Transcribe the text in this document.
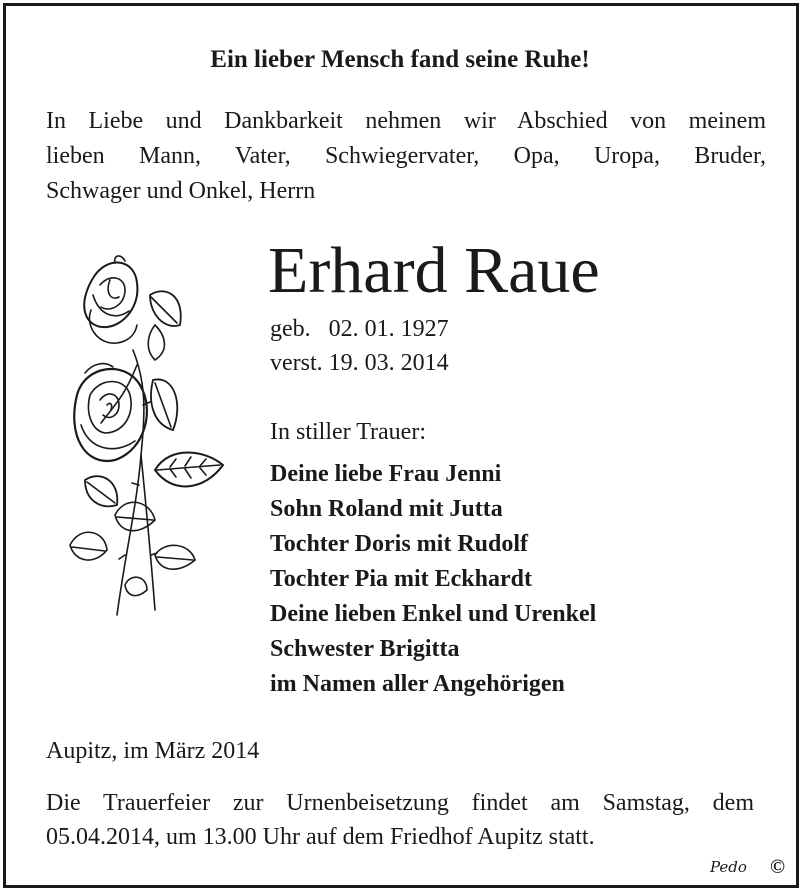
Ein lieber Mensch fand seine Ruhe!
In Liebe und Dankbarkeit nehmen wir Abschied von meinem
lieben Mann, Vater, Schwiegervater, Opa, Uropa, Bruder,
Schwager und Onkel, Herrn
Erhard Raue
geb.   02. 01. 1927
verst. 19. 03. 2014
In stiller Trauer:
Deine liebe Frau Jenni
Sohn Roland mit Jutta
Tochter Doris mit Rudolf
Tochter Pia mit Eckhardt
Deine lieben Enkel und Urenkel
Schwester Brigitta
im Namen aller Angehörigen
Aupitz, im März 2014
Die Trauerfeier zur Urnenbeisetzung findet am Samstag, dem
05.04.2014, um 13.00 Uhr auf dem Friedhof Aupitz statt.
Pedo ©
